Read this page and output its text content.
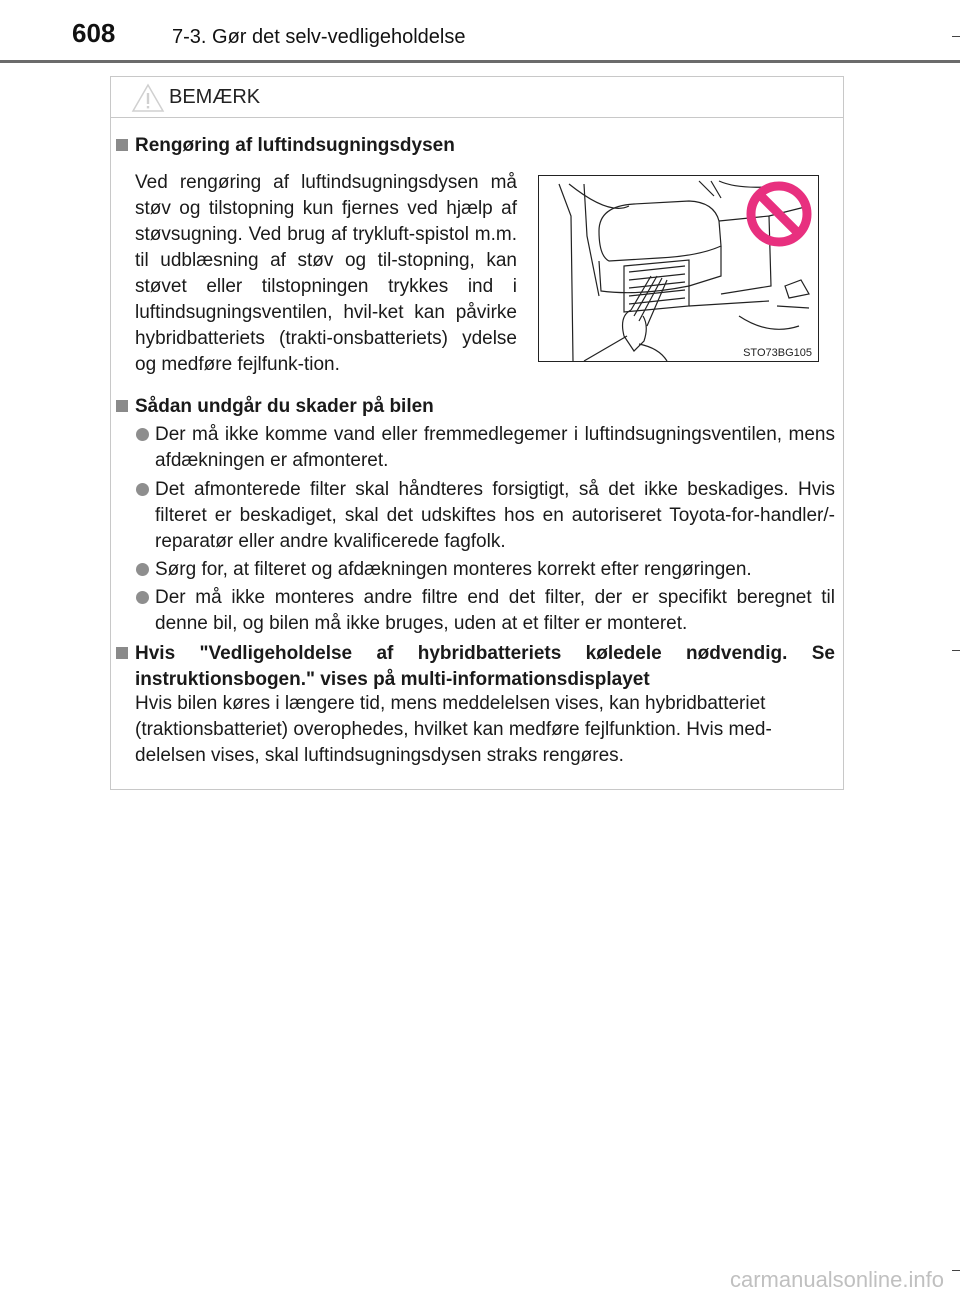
608	7-3. Gør det selv-vedligeholdelse
BEMÆRK
Rengøring af luftindsugningsdysen
Ved rengøring af luftindsugningsdysen må støv og tilstopning kun fjernes ved hjælp af støvsugning. Ved brug af trykluft-spistol m.m. til udblæsning af støv og til-stopning, kan støvet eller tilstopningen trykkes ind i luftindsugningsventilen, hvil-ket kan påvirke hybridbatteriets (trakti-onsbatteriets) ydelse og medføre fejlfunk-tion.
STO73BG105
Sådan undgår du skader på bilen
Der må ikke komme vand eller fremmedlegemer i luftindsugningsventilen, mens afdækningen er afmonteret.
Det afmonterede filter skal håndteres forsigtigt, så det ikke beskadiges. Hvis filteret er beskadiget, skal det udskiftes hos en autoriseret Toyota-for-handler/-reparatør eller andre kvalificerede fagfolk.
Sørg for, at filteret og afdækningen monteres korrekt efter rengøringen.
Der må ikke monteres andre filtre end det filter, der er specifikt beregnet til denne bil, og bilen må ikke bruges, uden at et filter er monteret.
Hvis "Vedligeholdelse af hybridbatteriets køledele nødvendig. Se instruktionsbogen." vises på multi-informationsdisplayet
Hvis bilen køres i længere tid, mens meddelelsen vises, kan hybridbatteriet (traktionsbatteriet) overophedes, hvilket kan medføre fejlfunktion. Hvis med-delelsen vises, skal luftindsugningsdysen straks rengøres.
carmanualsonline.info
